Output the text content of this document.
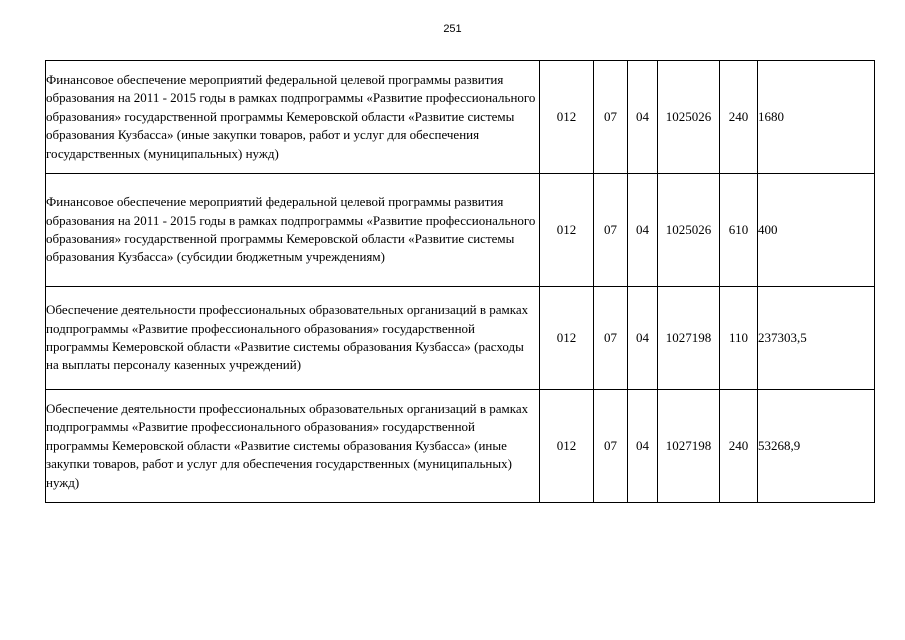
251
Финансовое обеспечение мероприятий федеральной целевой программы развития образования на 2011 - 2015 годы в рамках подпрограммы «Развитие профессионального образования» государственной программы Кемеровской области «Развитие системы образования Кузбасса» (иные закупки товаров, работ и услуг для обеспечения государственных (муниципальных) нужд)	012	07	04	1025026	240	1680
Финансовое обеспечение мероприятий федеральной целевой программы развития образования на 2011 - 2015 годы в рамках подпрограммы «Развитие профессионального образования» государственной программы Кемеровской области «Развитие системы образования Кузбасса» (субсидии бюджетным учреждениям)	012	07	04	1025026	610	400
Обеспечение деятельности профессиональных образовательных организаций в рамках подпрограммы «Развитие профессионального образования» государственной программы Кемеровской области «Развитие системы образования Кузбасса» (расходы на выплаты персоналу казенных учреждений)	012	07	04	1027198	110	237303,5
Обеспечение деятельности профессиональных образовательных организаций в рамках подпрограммы «Развитие профессионального образования» государственной программы Кемеровской области «Развитие системы образования Кузбасса» (иные закупки товаров, работ и услуг для обеспечения государственных (муниципальных) нужд)	012	07	04	1027198	240	53268,9
